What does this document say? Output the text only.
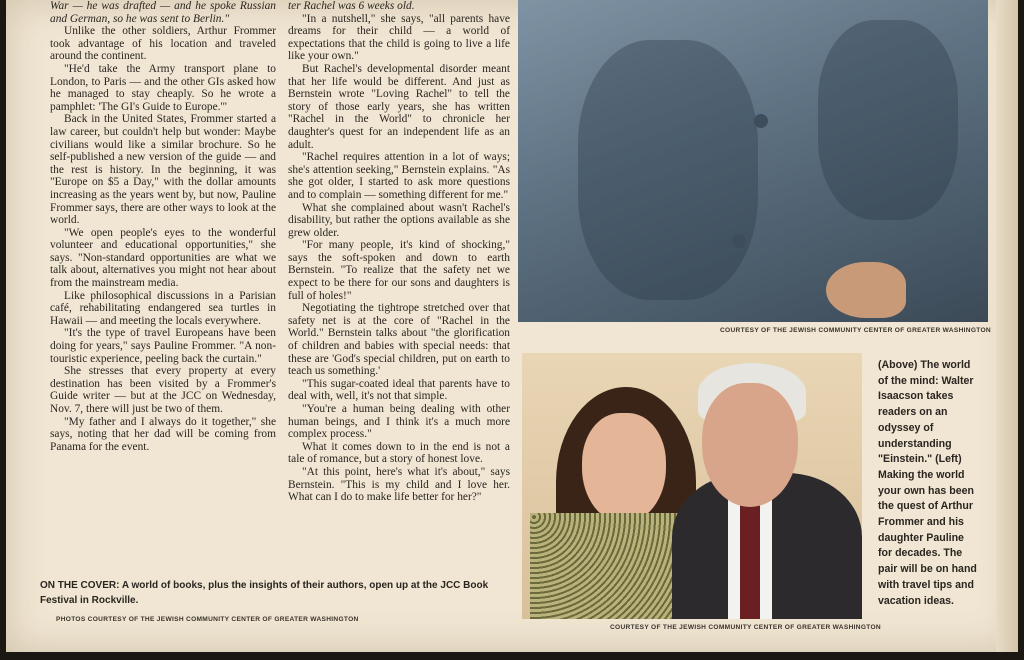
War — he was drafted — and he spoke Russian and German, so he was sent to Berlin."

Unlike the other soldiers, Arthur Frommer took advantage of his location and traveled around the continent.

"He'd take the Army transport plane to London, to Paris — and the other GIs asked how he managed to stay cheaply. So he wrote a pamphlet: 'The GI's Guide to Europe.'"

Back in the United States, Frommer started a law career, but couldn't help but wonder: Maybe civilians would like a similar brochure. So he self-published a new version of the guide — and the rest is history. In the beginning, it was "Europe on $5 a Day," with the dollar amounts increasing as the years went by, but now, Pauline Frommer says, there are other ways to look at the world.

"We open people's eyes to the wonderful volunteer and educational opportunities," she says. "Non-standard opportunities are what we talk about, alternatives you might not hear about from the mainstream media.

Like philosophical discussions in a Parisian café, rehabilitating endangered sea turtles in Hawaii — and meeting the locals everywhere.

"It's the type of travel Europeans have been doing for years," says Pauline Frommer. "A non-touristic experience, peeling back the curtain."

She stresses that every property at every destination has been visited by a Frommer's Guide writer — but at the JCC on Wednesday, Nov. 7, there will just be two of them.

"My father and I always do it together," she says, noting that her dad will be coming from Panama for the event.

ter Rachel was 6 weeks old.

"In a nutshell," she says, "all parents have dreams for their child — a world of expectations that the child is going to live a life like your own."

But Rachel's developmental disorder meant that her life would be different. And just as Bernstein wrote "Loving Rachel" to tell the story of those early years, she has written "Rachel in the World" to chronicle her daughter's quest for an independent life as an adult.

"Rachel requires attention in a lot of ways; she's attention seeking," Bernstein explains. "As she got older, I started to ask more questions and to complain — something different for me."

What she complained about wasn't Rachel's disability, but rather the options available as she grew older.

"For many people, it's kind of shocking," says the soft-spoken and down to earth Bernstein. "To realize that the safety net we expect to be there for our sons and daughters is full of holes!"

Negotiating the tightrope stretched over that safety net is at the core of "Rachel in the World." Bernstein talks about "the glorification of children and babies with special needs: that these are 'God's special children, put on earth to teach us something.'

"This sugar-coated ideal that parents have to deal with, well, it's not that simple.

"You're a human being dealing with other human beings, and I think it's a much more complex process."

What it comes down to in the end is not a tale of romance, but a story of honest love.

"At this point, here's what it's about," says Bernstein. "This is my child and I love her. What can I do to make life better for her?"

COURTESY OF THE JEWISH COMMUNITY CENTER OF GREATER WASHINGTON
COURTESY OF THE JEWISH COMMUNITY CENTER OF GREATER WASHINGTON
(Above) The world of the mind: Walter Isaacson takes readers on an odyssey of understanding "Einstein." (Left) Making the world your own has been the quest of Arthur Frommer and his daughter Pauline for decades. The pair will be on hand with travel tips and vacation ideas.
ON THE COVER: A world of books, plus the insights of their authors, open up at the JCC Book Festival in Rockville.
PHOTOS COURTESY OF THE JEWISH COMMUNITY CENTER OF GREATER WASHINGTON
